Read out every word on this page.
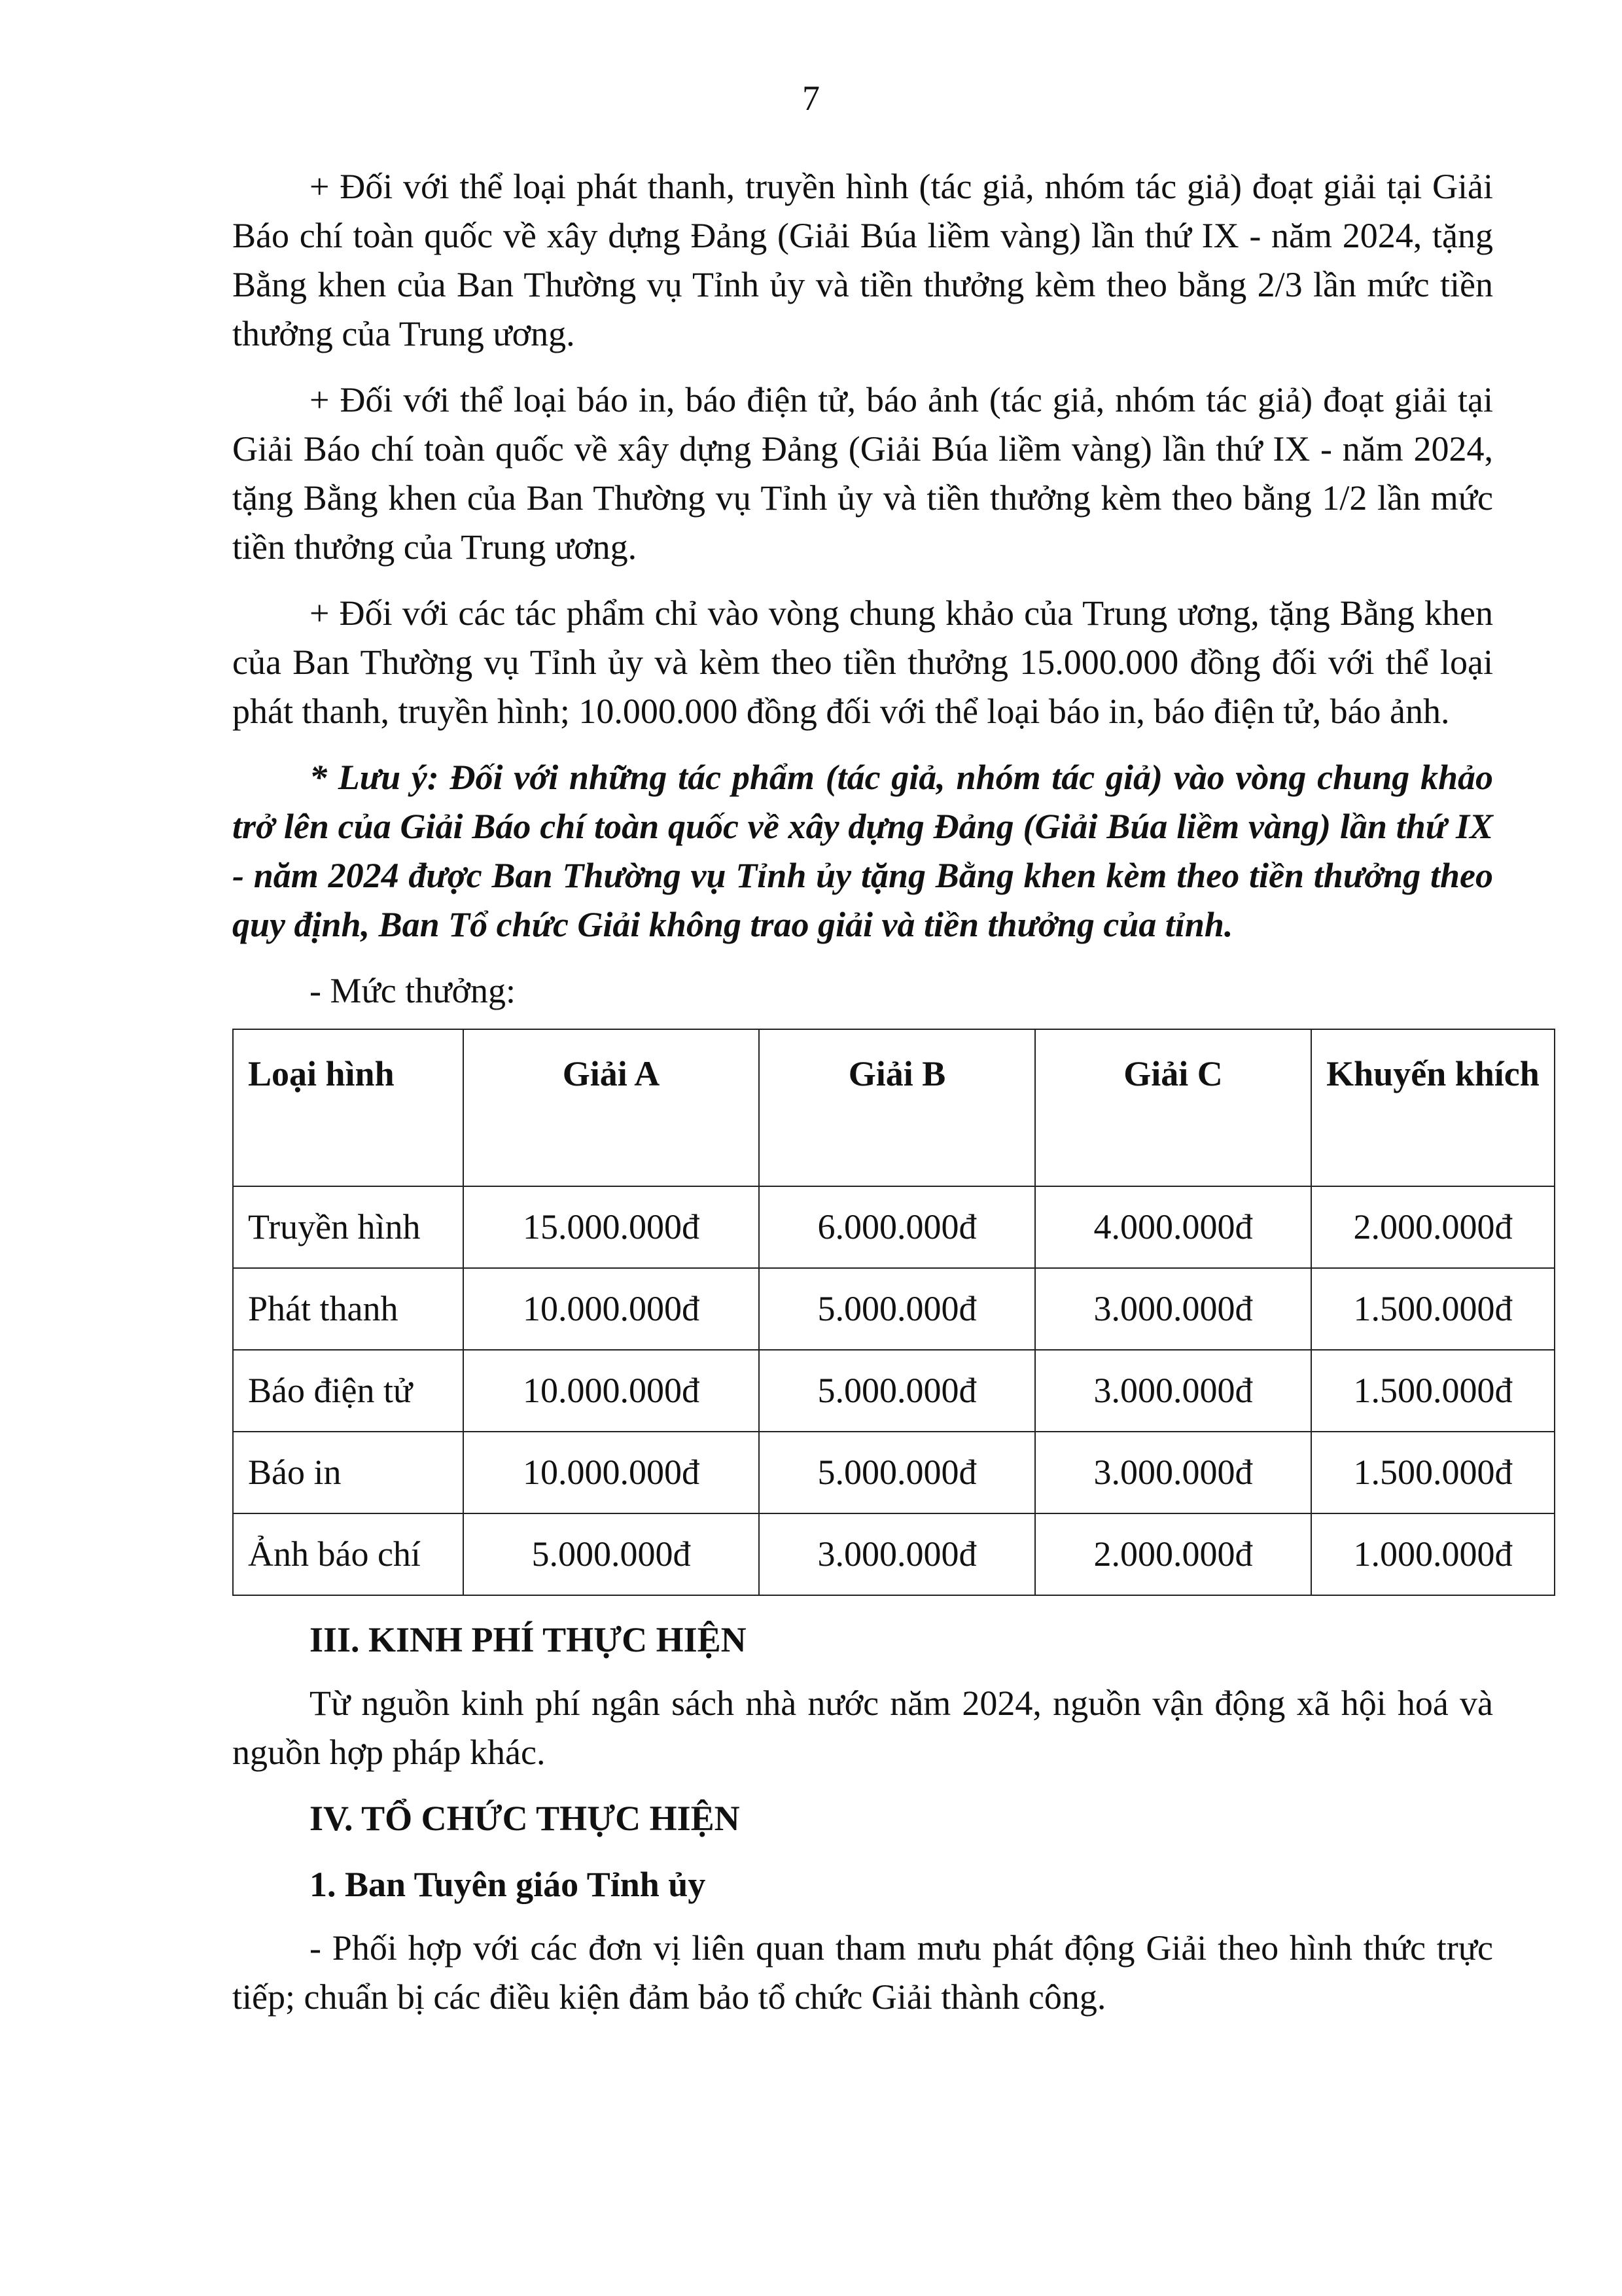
7

+ Đối với thể loại phát thanh, truyền hình (tác giả, nhóm tác giả) đoạt giải tại Giải Báo chí toàn quốc về xây dựng Đảng (Giải Búa liềm vàng) lần thứ IX - năm 2024, tặng Bằng khen của Ban Thường vụ Tỉnh ủy và tiền thưởng kèm theo bằng 2/3 lần mức tiền thưởng của Trung ương.

+ Đối với thể loại báo in, báo điện tử, báo ảnh (tác giả, nhóm tác giả) đoạt giải tại Giải Báo chí toàn quốc về xây dựng Đảng (Giải Búa liềm vàng) lần thứ IX - năm 2024, tặng Bằng khen của Ban Thường vụ Tỉnh ủy và tiền thưởng kèm theo bằng 1/2 lần mức tiền thưởng của Trung ương.

+ Đối với các tác phẩm chỉ vào vòng chung khảo của Trung ương, tặng Bằng khen của Ban Thường vụ Tỉnh ủy và kèm theo tiền thưởng 15.000.000 đồng đối với thể loại phát thanh, truyền hình; 10.000.000 đồng đối với thể loại báo in, báo điện tử, báo ảnh.

* Lưu ý: Đối với những tác phẩm (tác giả, nhóm tác giả) vào vòng chung khảo trở lên của Giải Báo chí toàn quốc về xây dựng Đảng (Giải Búa liềm vàng) lần thứ IX - năm 2024 được Ban Thường vụ Tỉnh ủy tặng Bằng khen kèm theo tiền thưởng theo quy định, Ban Tổ chức Giải không trao giải và tiền thưởng của tỉnh.

- Mức thưởng:

Loại hình	Giải A	Giải B	Giải C	Khuyến khích
Truyền hình	15.000.000đ	6.000.000đ	4.000.000đ	2.000.000đ
Phát thanh	10.000.000đ	5.000.000đ	3.000.000đ	1.500.000đ
Báo điện tử	10.000.000đ	5.000.000đ	3.000.000đ	1.500.000đ
Báo in	10.000.000đ	5.000.000đ	3.000.000đ	1.500.000đ
Ảnh báo chí	5.000.000đ	3.000.000đ	2.000.000đ	1.000.000đ

III. KINH PHÍ THỰC HIỆN

Từ nguồn kinh phí ngân sách nhà nước năm 2024, nguồn vận động xã hội hoá và nguồn hợp pháp khác.

IV. TỔ CHỨC THỰC HIỆN

1. Ban Tuyên giáo Tỉnh ủy

- Phối hợp với các đơn vị liên quan tham mưu phát động Giải theo hình thức trực tiếp; chuẩn bị các điều kiện đảm bảo tổ chức Giải thành công.
